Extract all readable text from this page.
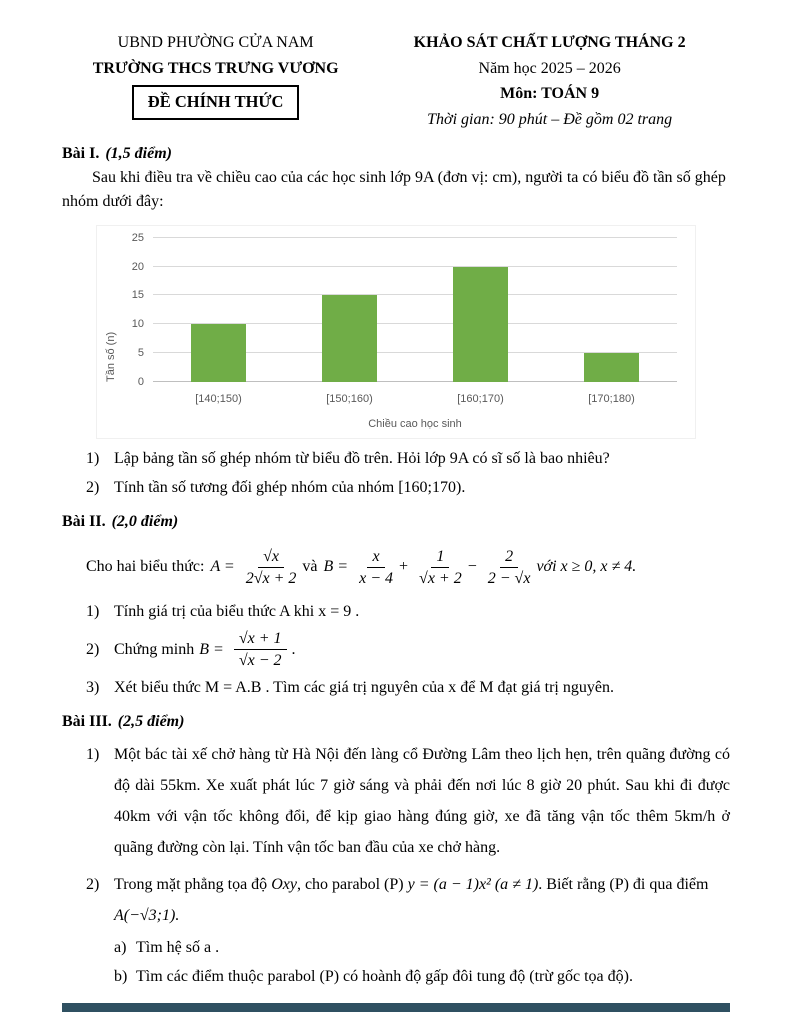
UBND PHƯỜNG CỬA NAM
TRƯỜNG THCS TRƯNG VƯƠNG
ĐỀ CHÍNH THỨC
KHẢO SÁT CHẤT LƯỢNG THÁNG 2
Năm học 2025 – 2026
Môn: TOÁN 9
Thời gian: 90 phút – Đề gồm 02 trang
Bài I. (1,5 điểm)

Sau khi điều tra về chiều cao của các học sinh lớp 9A (đơn vị: cm), người ta có biểu đồ tần số ghép nhóm dưới đây:

Tần số (n) 0
5
10
15
20
25
[140;150)	[150;160)	[160;170)	[170;180)
Chiều cao học sinh
1) Lập bảng tần số ghép nhóm từ biểu đồ trên. Hỏi lớp 9A có sĩ số là bao nhiêu?
2) Tính tần số tương đối ghép nhóm của nhóm [160;170).
Bài II. (2,0 điểm)
Cho hai biểu thức: $A = \frac{√x}{2√x + 2}$ và $B = \frac{x}{x - 4} + \frac{1}{√x + 2} - \frac{2}{2 - √x}$ với x ≥ 0, x ≠ 4.
1) Tính giá trị của biểu thức A khi x = 9 .
2) Chứng minh $B = \frac{√x + 1}{√x - 2}$ .
3) Xét biểu thức M = A.B . Tìm các giá trị nguyên của x để M đạt giá trị nguyên.
Bài III. (2,5 điểm)
1) Một bác tài xế chở hàng từ Hà Nội đến làng cổ Đường Lâm theo lịch hẹn, trên quãng đường có độ dài 55km. Xe xuất phát lúc 7 giờ sáng và phải đến nơi lúc 8 giờ 20 phút. Sau khi đi được 40km với vận tốc không đổi, để kịp giao hàng đúng giờ, xe đã tăng vận tốc thêm 5km/h ở quãng đường còn lại. Tính vận tốc ban đầu của xe chở hàng.
2) Trong mặt phẳng tọa độ Oxy, cho parabol (P) y = (a − 1)x² (a ≠ 1). Biết rằng (P) đi qua điểm
A(−√3;1).
a) Tìm hệ số a .
b) Tìm các điểm thuộc parabol (P) có hoành độ gấp đôi tung độ (trừ gốc tọa độ).
